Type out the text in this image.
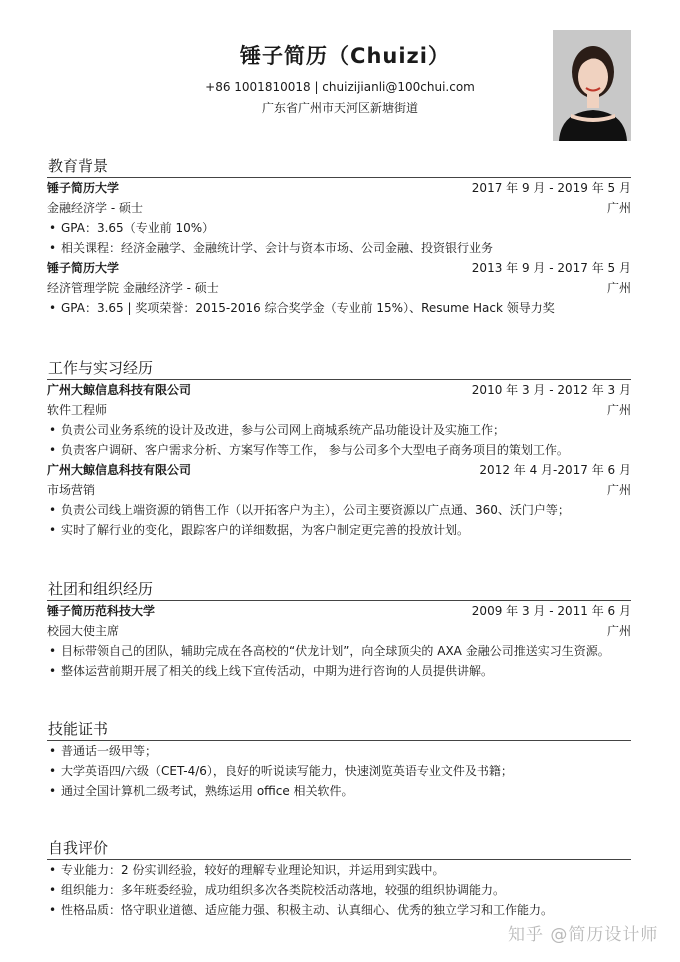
锤子简历（Chuizi）
+86 1001810018 | chuizijianli@100chui.com
广东省广州市天河区新塘街道
教育背景
锤子简历大学	2017 年 9 月 - 2019 年 5 月
金融经济学 - 硕士	广州
• GPA：3.65（专业前 10%）
• 相关课程：经济金融学、金融统计学、会计与资本市场、公司金融、投资银行业务
锤子简历大学	2013 年 9 月 - 2017 年 5 月
经济管理学院 金融经济学 - 硕士	广州
• GPA：3.65 | 奖项荣誉：2015-2016 综合奖学金（专业前 15%）、Resume Hack 领导力奖
工作与实习经历
广州大鲸信息科技有限公司	2010 年 3 月 - 2012 年 3 月
软件工程师	广州
• 负责公司业务系统的设计及改进，参与公司网上商城系统产品功能设计及实施工作；
• 负责客户调研、客户需求分析、方案写作等工作， 参与公司多个大型电子商务项目的策划工作。
广州大鲸信息科技有限公司	2012 年 4 月-2017 年 6 月
市场营销	广州
• 负责公司线上端资源的销售工作（以开拓客户为主），公司主要资源以广点通、360、沃门户等；
• 实时了解行业的变化，跟踪客户的详细数据，为客户制定更完善的投放计划。
社团和组织经历
锤子简历范科技大学	2009 年 3 月 - 2011 年 6 月
校园大使主席	广州
• 目标带领自己的团队，辅助完成在各高校的“伏龙计划”，向全球顶尖的 AXA 金融公司推送实习生资源。
• 整体运营前期开展了相关的线上线下宣传活动，中期为进行咨询的人员提供讲解。
技能证书
• 普通话一级甲等；
• 大学英语四/六级（CET-4/6），良好的听说读写能力，快速浏览英语专业文件及书籍；
• 通过全国计算机二级考试，熟练运用 office 相关软件。
自我评价
• 专业能力：2 份实训经验，较好的理解专业理论知识，并运用到实践中。
• 组织能力：多年班委经验，成功组织多次各类院校活动落地，较强的组织协调能力。
• 性格品质：恪守职业道德、适应能力强、积极主动、认真细心、优秀的独立学习和工作能力。
知乎 @简历设计师
